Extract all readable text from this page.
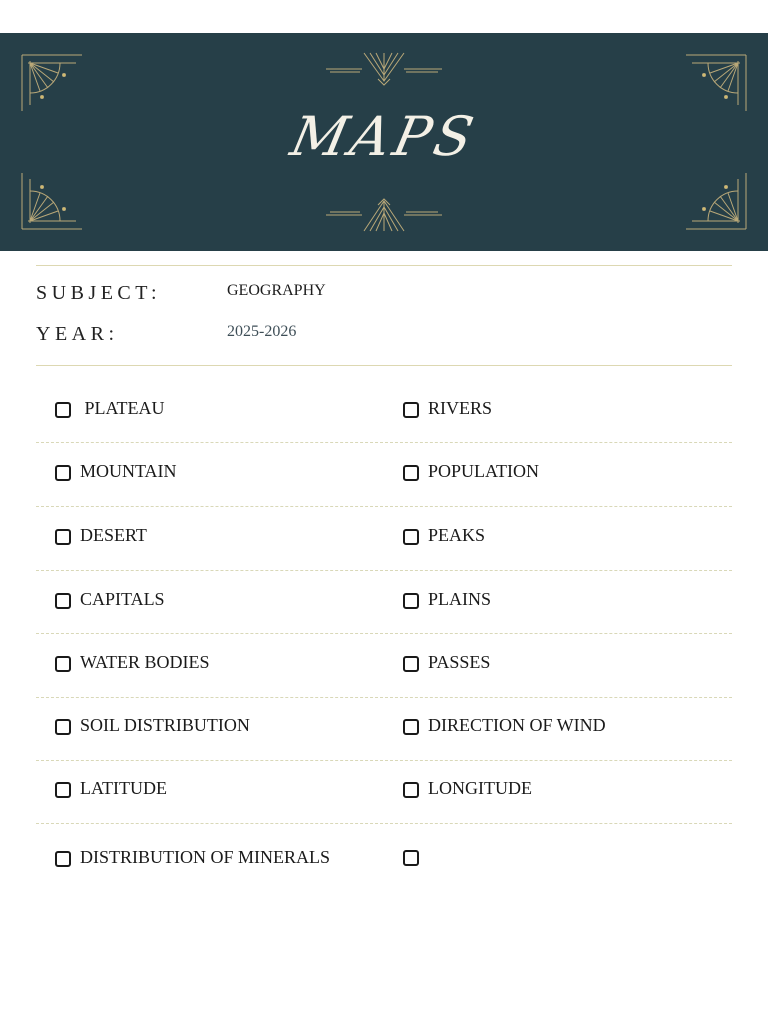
MAPS
SUBJECT:	GEOGRAPHY
YEAR:	2025-2026
PLATEAU
MOUNTAIN
DESERT
CAPITALS
WATER BODIES
SOIL DISTRIBUTION
LATITUDE
DISTRIBUTION OF MINERALS
RIVERS
POPULATION
PEAKS
PLAINS
PASSES
DIRECTION OF WIND
LONGITUDE
